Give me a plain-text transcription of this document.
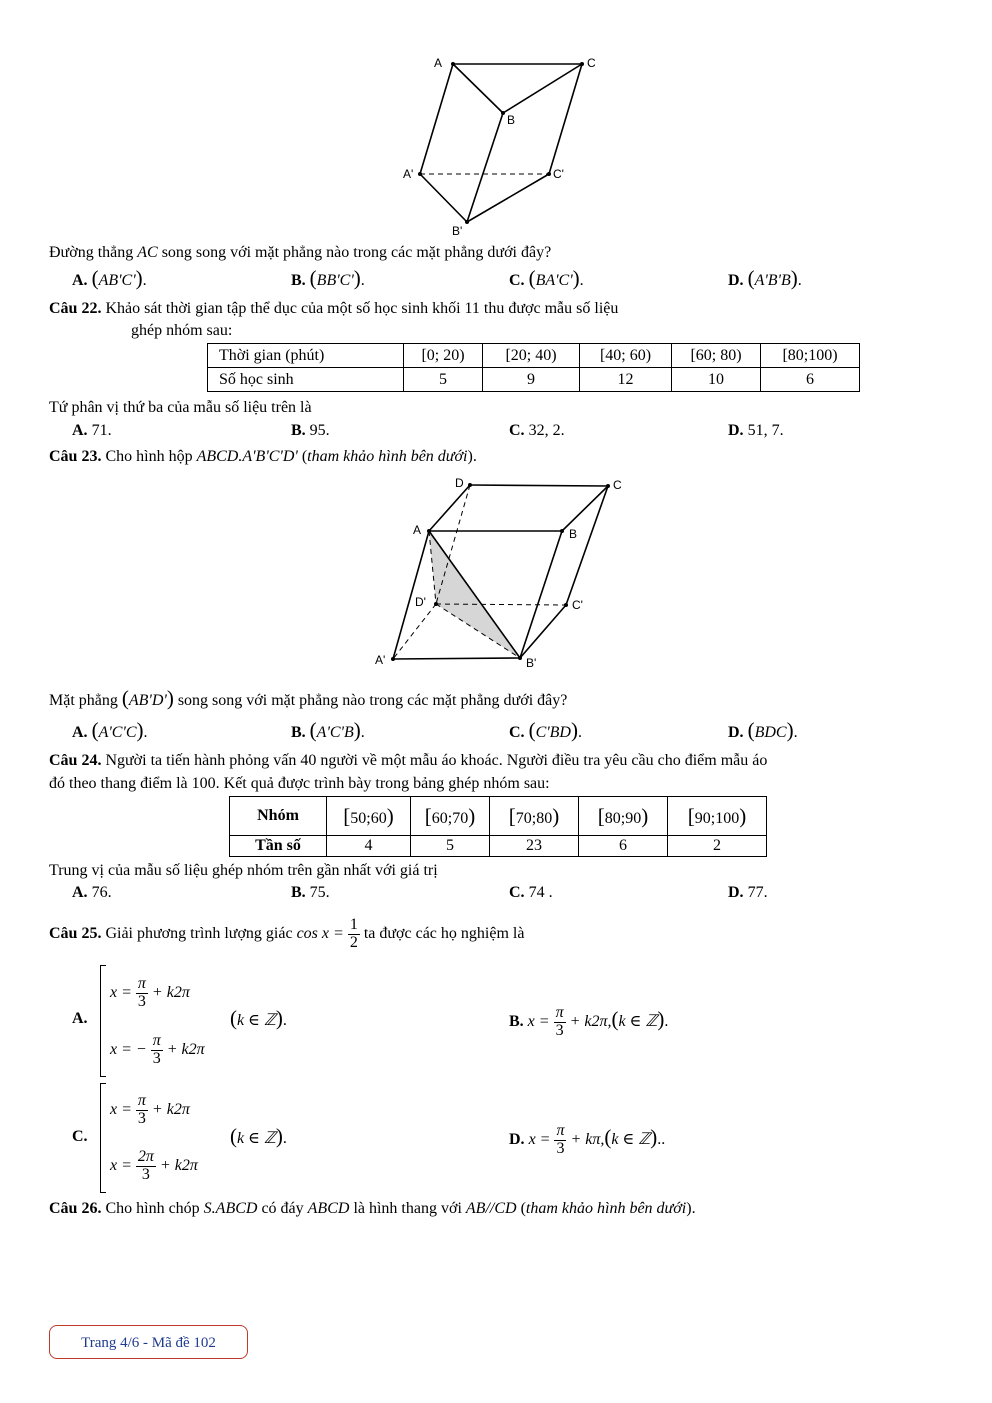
A	C
B
A'	C'
B'
Đường thẳng AC song song với mặt phẳng nào trong các mặt phẳng dưới đây?
A. (AB'C').	B. (BB'C').	C. (BA'C').	D. (A'B'B).
Câu 22. Khảo sát thời gian tập thể dục của một số học sinh khối 11 thu được mẫu số liệu
ghép nhóm sau:
Thời gian (phút)	[0; 20)	[20; 40)	[40; 60)	[60; 80)	[80;100)
Số học sinh	5	9	12	10	6
Tứ phân vị thứ ba của mẫu số liệu trên là
A. 71.	B. 95.	C. 32, 2.	D. 51, 7.
Câu 23. Cho hình hộp ABCD.A'B'C'D' (tham khảo hình bên dưới).
D	C
A	B
D'	C'
A'	B'
Mặt phẳng (AB'D') song song với mặt phẳng nào trong các mặt phẳng dưới đây?
A. (A'C'C).	B. (A'C'B).	C. (C'BD).	D. (BDC).
Câu 24. Người ta tiến hành phỏng vấn 40 người về một mẫu áo khoác. Người điều tra yêu cầu cho điểm mẫu áo
đó theo thang điểm là 100. Kết quả được trình bày trong bảng ghép nhóm sau:
Nhóm	[50;60)	[60;70)	[70;80)	[80;90)	[90;100)
Tần số	4	5	23	6	2
Trung vị của mẫu số liệu ghép nhóm trên gần nhất với giá trị
A. 76.	B. 75.	C. 74 .	D. 77.
Câu 25. Giải phương trình lượng giác $\cos x = \frac{1}{2}$ ta được các họ nghiệm là
A.
$x = \frac{\pi}{3} + k2\pi$
x = − $\frac{\pi}{3} + k2\pi$
(k ∈ ℤ).	B. $x = \frac{\pi}{3} + k2\pi,(k$ ∈ ℤ).
C.
$x = \frac{\pi}{3} + k2\pi$
$x = \frac{2\pi}{3} + k2\pi$
(k ∈ ℤ).	D. $x = \frac{\pi}{3} + k\pi,(k$ ∈ ℤ)..
Câu 26. Cho hình chóp S.ABCD có đáy ABCD là hình thang với AB//CD (tham khảo hình bên dưới).
Trang 4/6 - Mã đề 102
